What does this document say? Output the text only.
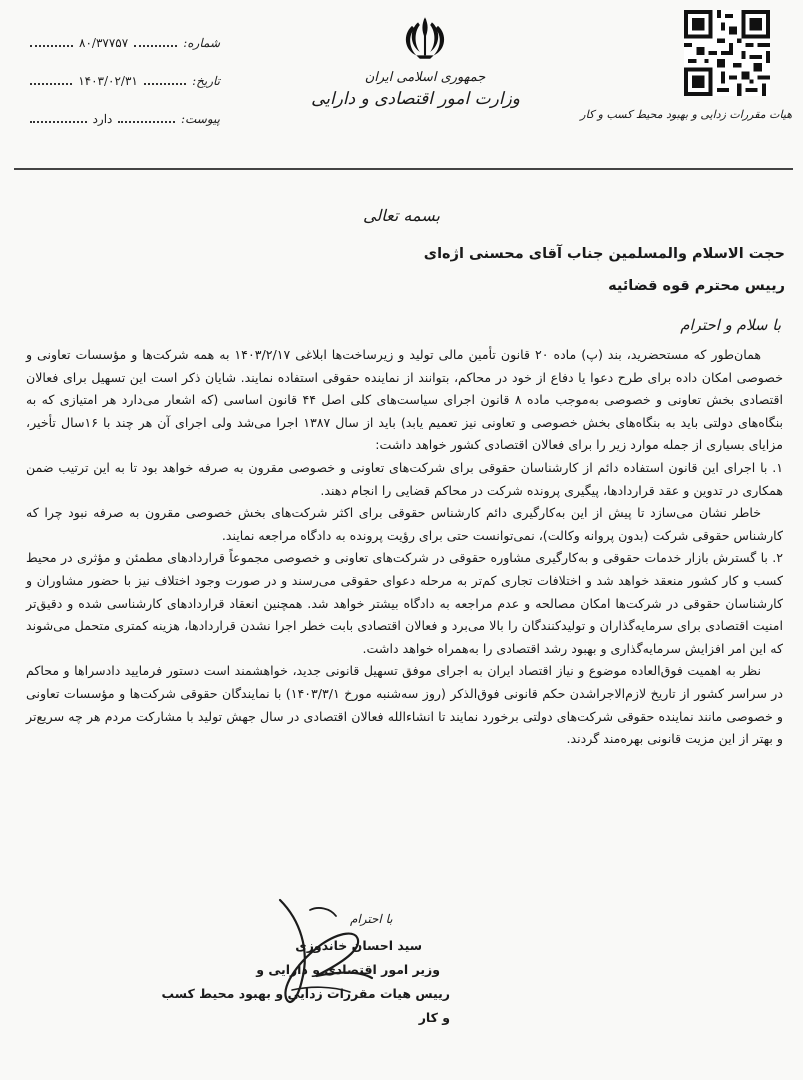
شماره:
۸۰/۳۷۷۵۷
تاریخ:
۱۴۰۳/۰۲/۳۱
پیوست:
دارد
جمهوری اسلامی ایران
وزارت امور اقتصادی و دارایی
هیات مقررات زدایی و بهبود محیط کسب و کار
بسمه تعالی
حجت الاسلام والمسلمین جناب آقای محسنی اژه‌ای
رییس محترم قوه قضائیه
با سلام و احترام

همان‌طور که مستحضرید، بند (پ) ماده ۲۰ قانون تأمین مالی تولید و زیرساخت‌ها ابلاغی ۱۴۰۳/۲/۱۷ به همه شرکت‌ها و مؤسسات تعاونی و خصوصی امکان داده برای طرح دعوا یا دفاع از خود در محاکم، بتوانند از نماینده حقوقی استفاده نمایند. شایان ذکر است این تسهیل برای فعالان اقتصادی بخش تعاونی و خصوصی به‌موجب ماده ۸ قانون اجرای سیاست‌های کلی اصل ۴۴ قانون اساسی (که اشعار می‌دارد هر امتیازی که به بنگاه‌های دولتی باید به بنگاه‌های بخش خصوصی و تعاونی نیز تعمیم یابد) باید از سال ۱۳۸۷ اجرا می‌شد ولی اجرای آن هر چند با ۱۶سال تأخیر، مزایای بسیاری از جمله موارد زیر را برای فعالان اقتصادی کشور خواهد داشت:

۱. با اجرای این قانون استفاده دائم از کارشناسان حقوقی برای شرکت‌های تعاونی و خصوصی مقرون به صرفه خواهد بود تا به این ترتیب ضمن همکاری در تدوین و عقد قراردادها، پیگیری پرونده شرکت در محاکم قضایی را انجام دهند.

خاطر نشان می‌سازد تا پیش از این به‌کارگیری دائم کارشناس حقوقی برای اکثر شرکت‌های بخش خصوصی مقرون به صرفه نبود چرا که کارشناس حقوقی شرکت (بدون پروانه وکالت)، نمی‌توانست حتی برای رؤیت پرونده به دادگاه مراجعه نمایند.

۲. با گسترش بازار خدمات حقوقی و به‌کارگیری مشاوره حقوقی در شرکت‌های تعاونی و خصوصی مجموعاً قراردادهای مطمئن و مؤثری در محیط کسب و کار کشور منعقد خواهد شد و اختلافات تجاری کم‌تر به مرحله دعوای حقوقی می‌رسند و در صورت وجود اختلاف نیز با حضور مشاوران و کارشناسان حقوقی در شرکت‌ها امکان مصالحه و عدم مراجعه به دادگاه بیشتر خواهد شد. همچنین انعقاد قراردادهای کارشناسی شده و دقیق‌تر امنیت اقتصادی برای سرمایه‌گذاران و تولیدکنندگان را بالا می‌برد و فعالان اقتصادی بابت خطر اجرا نشدن قراردادها، هزینه کمتری متحمل می‌شوند که این امر افزایش سرمایه‌گذاری و بهبود رشد اقتصادی را به‌همراه خواهد داشت.

نظر به اهمیت فوق‌العاده موضوع و نیاز اقتصاد ایران به اجرای موفق تسهیل قانونی جدید، خواهشمند است دستور فرمایید دادسراها و محاکم در سراسر کشور از تاریخ لازم‌الاجراشدن حکم قانونی فوق‌الذکر (روز سه‌شنبه مورخ ۱۴۰۳/۳/۱) با نمایندگان حقوقی شرکت‌ها و مؤسسات تعاونی و خصوصی مانند نماینده حقوقی شرکت‌های دولتی برخورد نمایند تا انشاءالله فعالان اقتصادی در سال جهش تولید با مشارکت مردم هر چه سریع‌تر و بهتر از این مزیت قانونی بهره‌مند گردند.

با احترام
سید احسان خاندوزی
وزیر امور اقتصادی و دارایی و
رییس هیات مقررات زدایی و بهبود محیط کسب و کار
